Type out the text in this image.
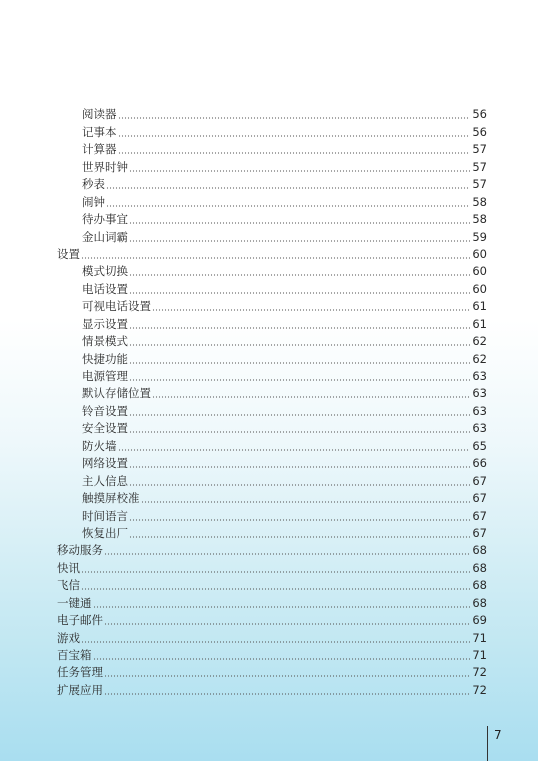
阅读器	56
记事本	56
计算器	57
世界时钟	57
秒表	57
闹钟	58
待办事宜	58
金山词霸	59
设置	60
模式切换	60
电话设置	60
可视电话设置	61
显示设置	61
情景模式	62
快捷功能	62
电源管理	63
默认存储位置	63
铃音设置	63
安全设置	63
防火墙	65
网络设置	66
主人信息	67
触摸屏校准	67
时间语言	67
恢复出厂	67
移动服务	68
快讯	68
飞信	68
一键通	68
电子邮件	69
游戏	71
百宝箱	71
任务管理	72
扩展应用	72
7
